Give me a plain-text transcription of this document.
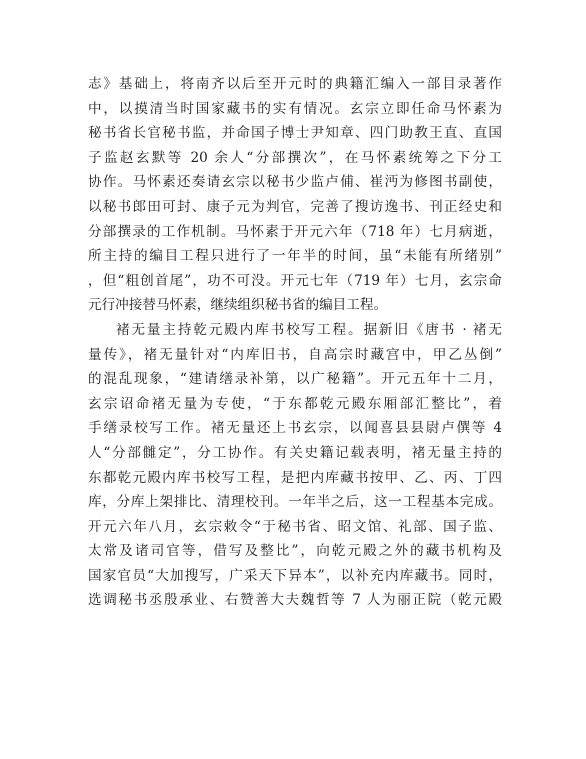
志》基础上，将南齐以后至开元时的典籍汇编入一部目录著作
中，以摸清当时国家藏书的实有情况。玄宗立即任命马怀素为
秘书省长官秘书监，并命国子博士尹知章、四门助教王直、直国
子监赵玄默等 20 余人“分部撰次”，在马怀素统筹之下分工
协作。马怀素还奏请玄宗以秘书少监卢俌、崔沔为修图书副使，
以秘书郎田可封、康子元为判官，完善了搜访逸书、刊正经史和
分部撰录的工作机制。马怀素于开元六年（718 年）七月病逝，
所主持的编目工程只进行了一年半的时间，虽“未能有所绪别”
，但“粗创首尾”，功不可没。开元七年（719 年）七月，玄宗命
元行冲接替马怀素，继续组织秘书省的编目工程。
褚无量主持乾元殿内库书校写工程。据新旧《唐书 · 褚无
量传》，褚无量针对“内库旧书，自高宗时藏宫中，甲乙丛倒”
的混乱现象，“建请缮录补第，以广秘籍”。开元五年十二月，
玄宗诏命褚无量为专使，“于东都乾元殿东厢部汇整比”，着
手缮录校写工作。褚无量还上书玄宗，以闻喜县县尉卢僎等 4
人“分部雠定”，分工协作。有关史籍记载表明，褚无量主持的
东都乾元殿内库书校写工程，是把内库藏书按甲、乙、丙、丁四
库，分库上架排比、清理校刊。一年半之后，这一工程基本完成。
开元六年八月，玄宗敕令“于秘书省、昭文馆、礼部、国子监、
太常及诸司官等，借写及整比”，向乾元殿之外的藏书机构及
国家官员“大加搜写，广采天下异本”，以补充内库藏书。同时，
选调秘书丞殷承业、右赞善大夫魏哲等 7 人为丽正院（乾元殿
